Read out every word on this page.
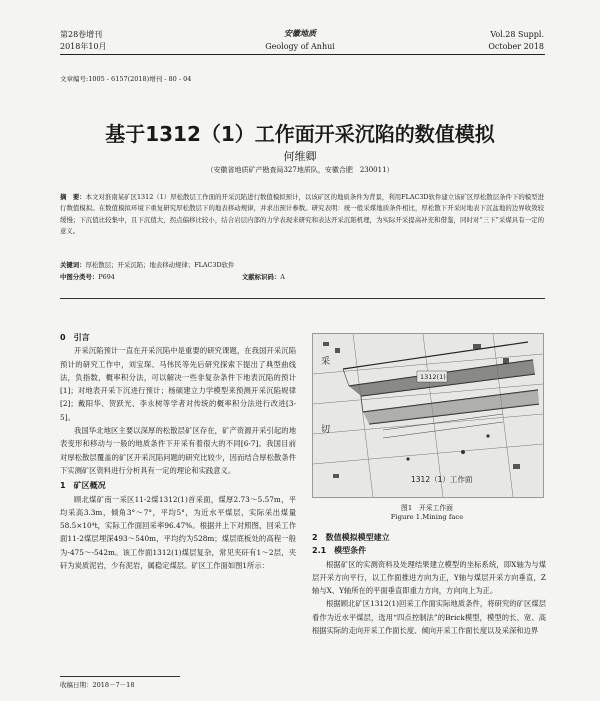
第28卷增刊
2018年10月
安徽地质
Geology of Anhui
Vol.28 Suppl.
October 2018
文章编号:1005 - 6157(2018)增刊 - 80 - 04
基于1312（1）工作面开采沉陷的数值模拟
何维卿
（安徽省地质矿产勘查局327地质队，安徽合肥　230011）
摘　要：本文对淮南某矿区1312（1）厚松散层工作面的开采沉陷进行数值模拟预计，以该矿区的地质条件为背景，利用FLAC3D软件建立该矿区厚松散层条件下的模型进行数值模拟。在数值模拟环境下重复研究厚松散层下的地表移动规律，并求出预计参数。研究表明：统一般采煤地质条件相比，厚松散下开采时地表下沉盆地的边界收敛较缓慢；下沉值比较集中，且下沉值大，拐点偏移比较小，结合岩层内部的力学表现来研究和表达开采沉陷机理，为实际开采提高补充和借鉴，同时对“三下”采煤具有一定的意义。
关键词：厚松散层；开采沉陷；地表移动规律；FLAC3D软件
中图分类号：P694	文献标识码：A
0　引言

开采沉陷预计一直在开采沉陷中是重要的研究课题，在我国开采沉陷预计的研究工作中，刘宝琛、马伟民等先后研究探索下提出了典型曲线法，负指数，概率积分法，可以解决一些非复杂条件下地表沉陷的预计[1]；对地表开采下沉进行预计；杨硕建立力学模型来预测开采沉陷规律[2]；戴阳华、贺跃光、李永树等学者对传统的概率积分法进行改进[3-5]。

我国华北地区主要以深厚的松散层矿区存在，矿产资源开采引起的地表变形和移动与一般的地质条件下开采有着很大的不同[6-7]。我国目前对厚松散层覆盖的矿区开采沉陷问题的研究比较少，因而结合厚松散条件下实测矿区资料进行分析具有一定的理论和实践意义。

1　矿区概况

顾北煤矿南一采区11-2煤1312(1)首采面，煤厚2.73～5.57m，平均采高3.3m，倾角3°～7°，平均5°，为近水平煤层，实际采出煤量58.5×10⁴t，实际工作面回采率96.47%。根据井上下对照图，回采工作面11-2煤层埋深493～540m，平均约为528m；煤层底板处的高程一般为-475～-542m。该工作面1312(1)煤层复杂，常见夹矸有1～2层，夹矸为炭质泥岩，少有泥岩，属稳定煤层。矿区工作面如图1所示：

1312(1)
采
切
1312（1）工作面
图1　开采工作面
Figure 1.Mining face
2　数值模拟模型建立
2.1　模型条件

根据矿区的实测资料及处理结果建立模型的坐标系统，即X轴为与煤层开采方向平行，以工作面推进方向为正，Y轴与煤层开采方向垂直，Z轴与X、Y轴所在的平面垂直即重力方向，方向向上为正。

根据顾北矿区1312(1)回采工作面实际地质条件，将研究的矿区煤层看作为近水平煤层，选用“四点控制法”的Brick模型，模型的长、宽、高根据实际的走向开采工作面长度、倾向开采工作面长度以及采深和边界

收稿日期：2018－7－18
